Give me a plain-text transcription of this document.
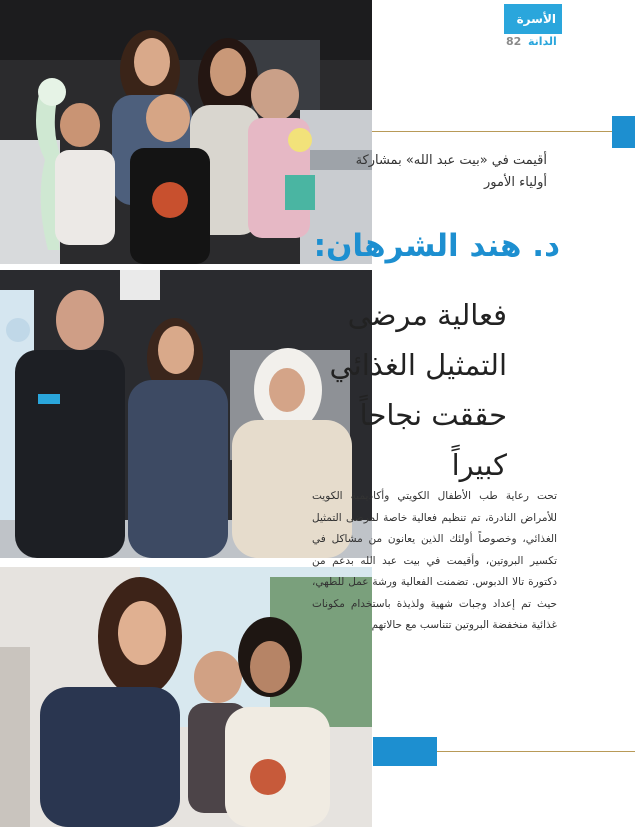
الأسرة
الدانة
82
أقيمت في «بيت عبد الله» بمشاركة أولياء الأمور
د. هند الشرهان:
فعالية مرضى التمثيل الغذائي حققت نجاحاً كبيراً
تحت رعاية طب الأطفال الكويتي وأكاديمية الكويت للأمراض النادرة، تم تنظيم فعالية خاصة لمرضى التمثيل الغذائي، وخصوصاً أولئك الذين يعانون من مشاكل في تكسير البروتين، وأقيمت في بيت عبد الله بدعم من دكتورة تالا الدبوس. تضمنت الفعالية ورشة عمل للطهي، حيث تم إعداد وجبات شهية ولذيذة باستخدام مكونات غذائية منخفضة البروتين تتناسب مع حالاتهم
